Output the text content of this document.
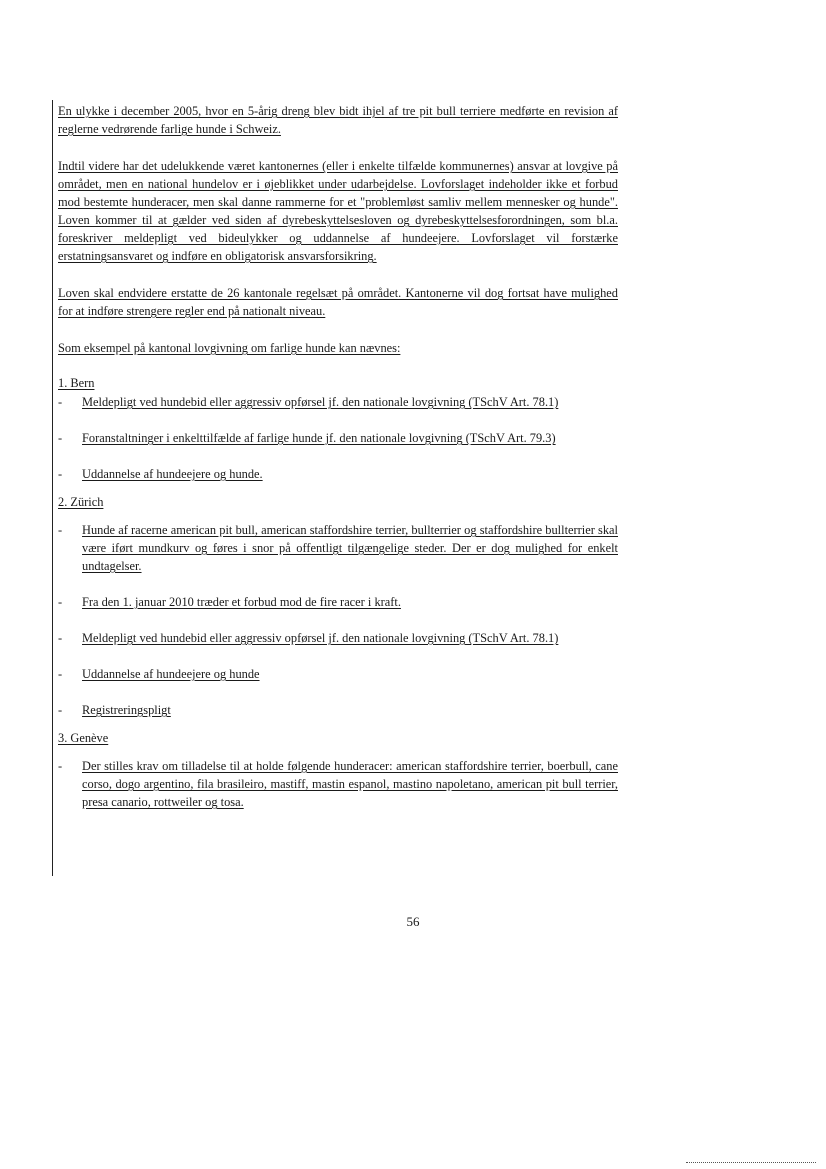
En ulykke i december 2005, hvor en 5-årig dreng blev bidt ihjel af tre pit bull terriere medførte en revision af reglerne vedrørende farlige hunde i Schweiz.

Indtil videre har det udelukkende været kantonernes (eller i enkelte tilfælde kommunernes) ansvar at lovgive på området, men en national hundelov er i øjeblikket under udarbejdelse. Lovforslaget indeholder ikke et forbud mod bestemte hunderacer, men skal danne rammerne for et "problemløst samliv mellem mennesker og hunde". Loven kommer til at gælder ved siden af dyrebeskyttelsesloven og dyrebeskyttelsesforordningen, som bl.a. foreskriver meldepligt ved bideulykker og uddannelse af hundeejere. Lovforslaget vil forstærke erstatningsansvaret og indføre en obligatorisk ansvarsforsikring.

Loven skal endvidere erstatte de 26 kantonale regelsæt på området. Kantonerne vil dog fortsat have mulighed for at indføre strengere regler end på nationalt niveau.

Som eksempel på kantonal lovgivning om farlige hunde kan nævnes:

1. Bern

- Meldepligt ved hundebid eller aggressiv opførsel jf. den nationale lovgivning (TSchV Art. 78.1)
- Foranstaltninger i enkelttilfælde af farlige hunde jf. den nationale lovgivning (TSchV Art. 79.3)
- Uddannelse af hundeejere og hunde.

2. Zürich

- Hunde af racerne american pit bull, american staffordshire terrier, bullterrier og staffordshire bullterrier skal være iført mundkurv og føres i snor på offentligt tilgængelige steder. Der er dog mulighed for enkelt undtagelser.
- Fra den 1. januar 2010 træder et forbud mod de fire racer i kraft.
- Meldepligt ved hundebid eller aggressiv opførsel jf. den nationale lovgivning (TSchV Art. 78.1)
- Uddannelse af hundeejere og hunde
- Registreringspligt

3. Genève

- Der stilles krav om tilladelse til at holde følgende hunderacer: american staffordshire terrier, boerbull, cane corso, dogo argentino, fila brasileiro, mastiff, mastin espanol, mastino napoletano, american pit bull terrier, presa canario, rottweiler og tosa.
56
